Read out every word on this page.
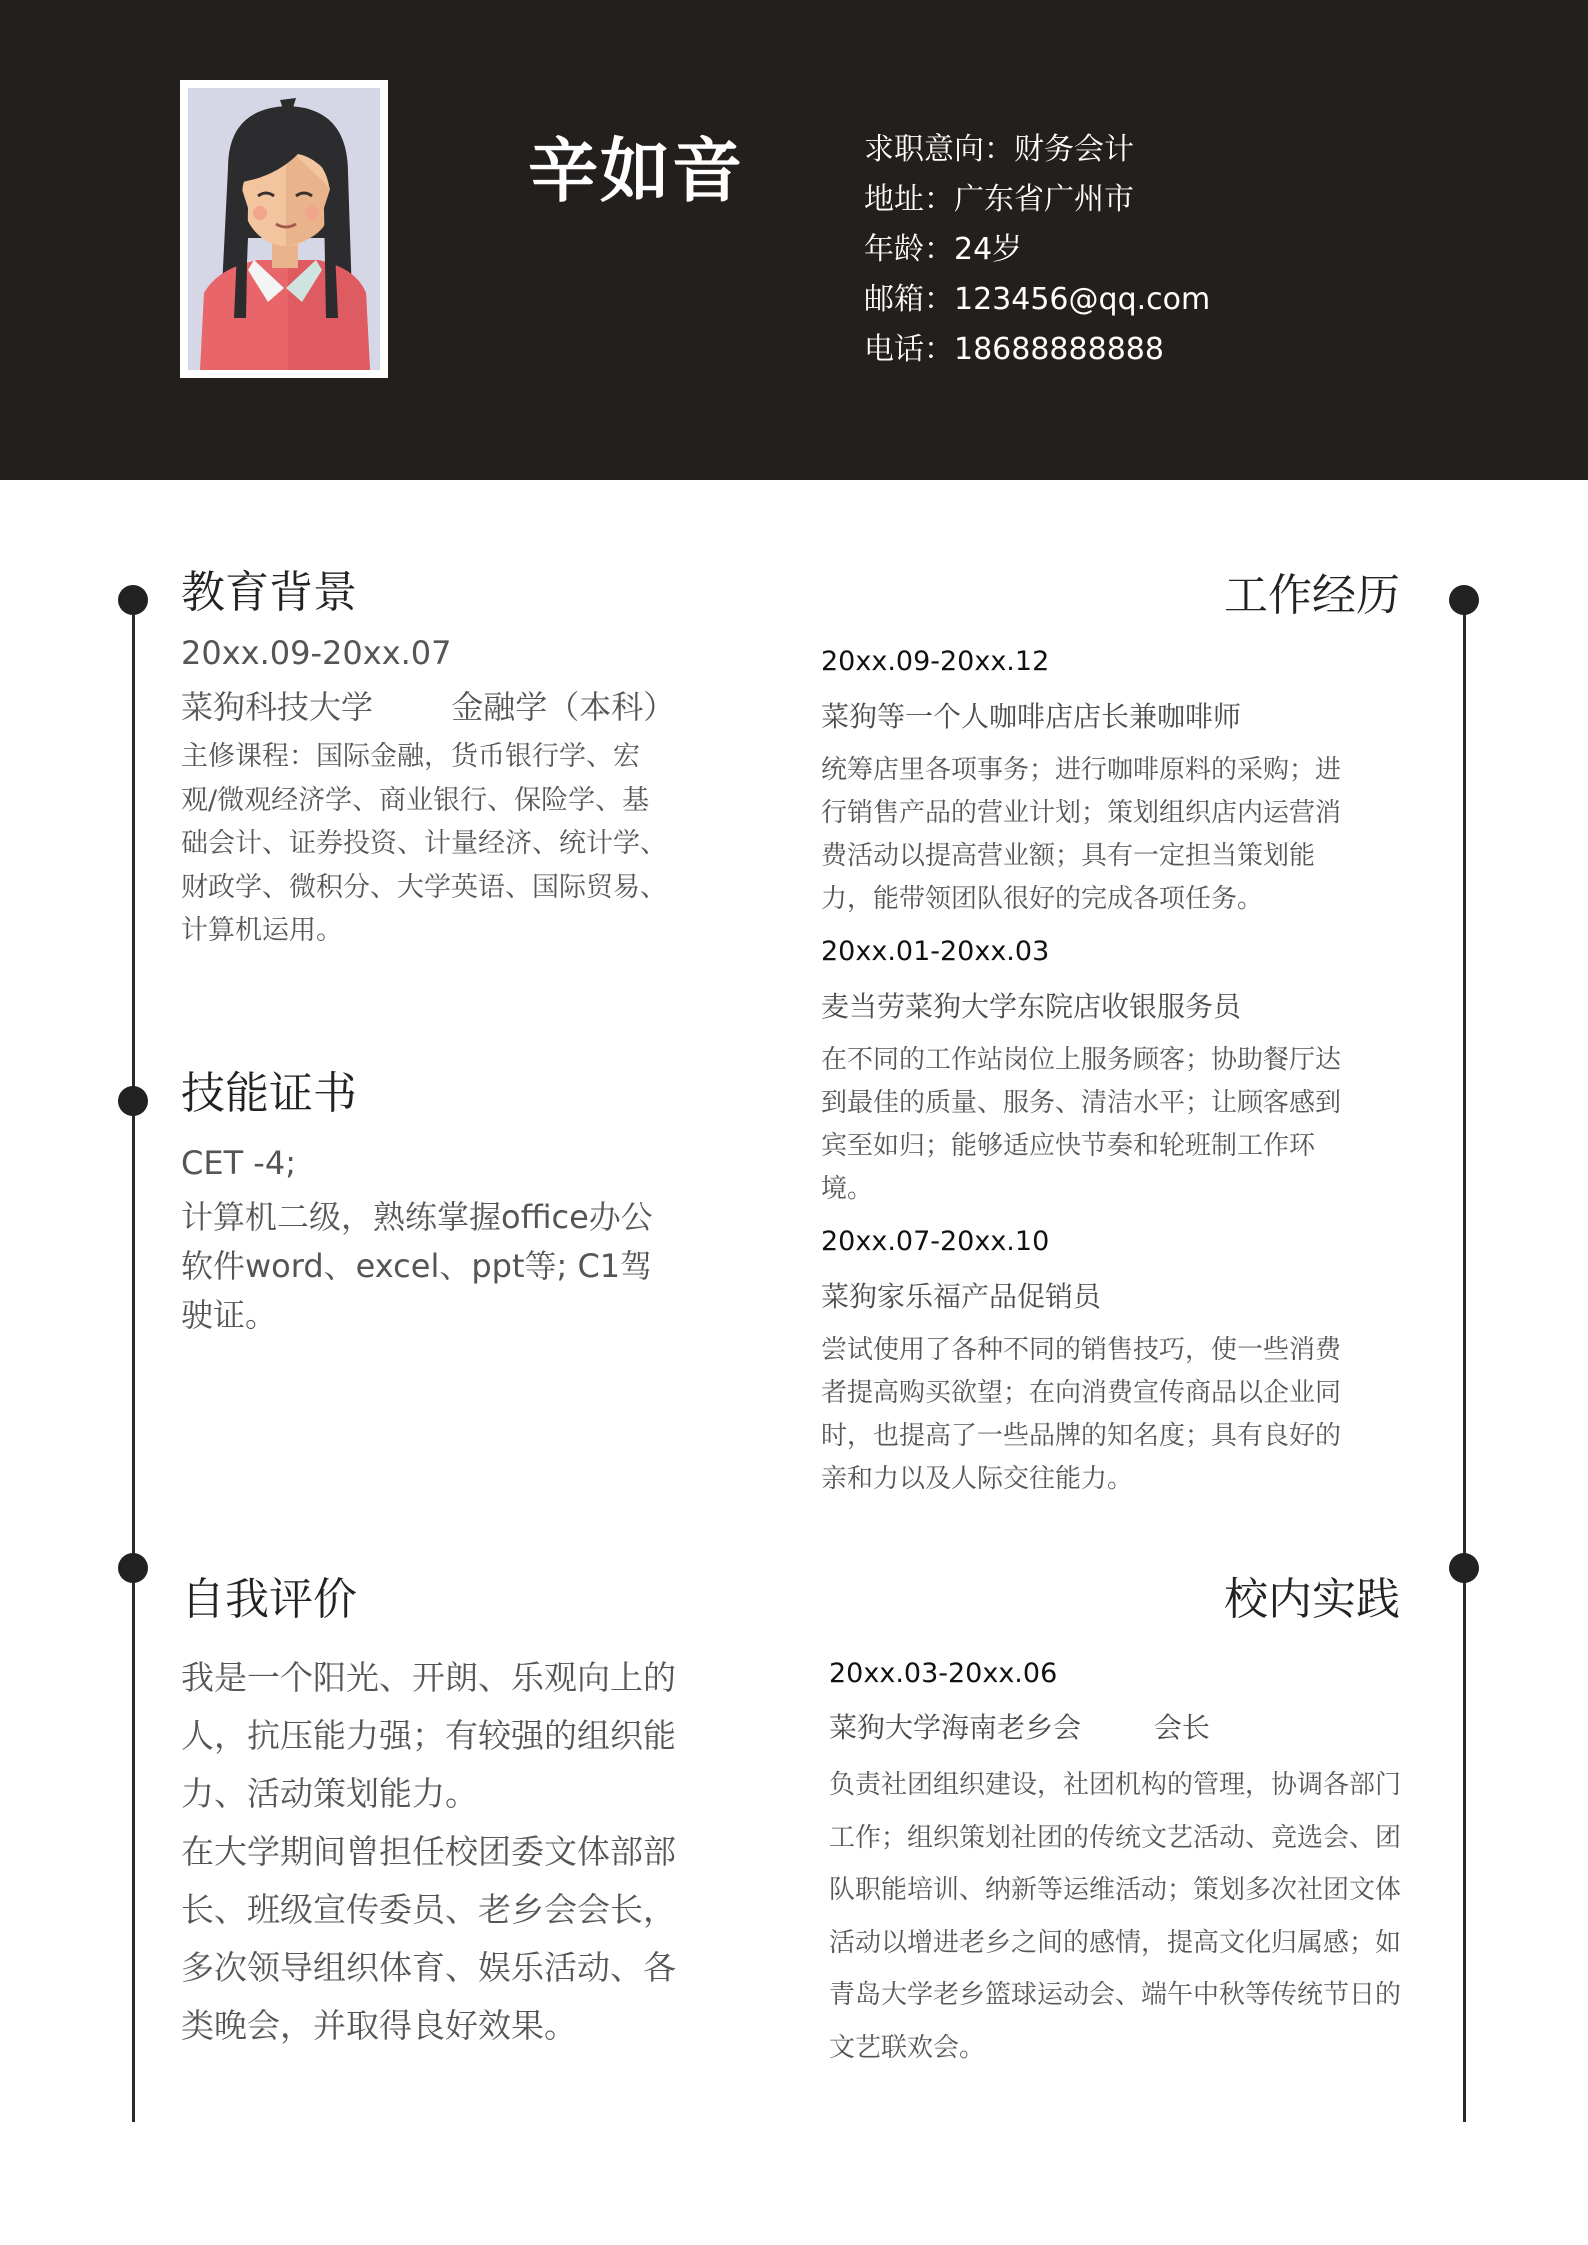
辛如音	求职意向：财务会计
地址：广东省广州市
年龄：24岁
邮箱：123456@qq.com
电话：18688888888
教育背景
20xx.09-20xx.07
菜狗科技大学 金融学（本科）
主修课程：国际金融，货币银行学、宏观/微观经济学、商业银行、保险学、基础会计、证券投资、计量经济、统计学、财政学、微积分、大学英语、国际贸易、计算机运用。
技能证书
CET -4;
计算机二级，熟练掌握office办公软件word、excel、ppt等; C1驾驶证。
自我评价
我是一个阳光、开朗、乐观向上的人，抗压能力强；有较强的组织能力、活动策划能力。
在大学期间曾担任校团委文体部部长、班级宣传委员、老乡会会长，多次领导组织体育、娱乐活动、各类晚会，并取得良好效果。
工作经历
20xx.09-20xx.12
菜狗等一个人咖啡店店长兼咖啡师
统筹店里各项事务；进行咖啡原料的采购；进行销售产品的营业计划；策划组织店内运营消费活动以提高营业额；具有一定担当策划能力，能带领团队很好的完成各项任务。
20xx.01-20xx.03
麦当劳菜狗大学东院店收银服务员
在不同的工作站岗位上服务顾客；协助餐厅达到最佳的质量、服务、清洁水平；让顾客感到宾至如归；能够适应快节奏和轮班制工作环境。
20xx.07-20xx.10
菜狗家乐福产品促销员
尝试使用了各种不同的销售技巧，使一些消费者提高购买欲望；在向消费宣传商品以企业同时，也提高了一些品牌的知名度；具有良好的亲和力以及人际交往能力。
校内实践
20xx.03-20xx.06
菜狗大学海南老乡会	会长
负责社团组织建设，社团机构的管理，协调各部门工作；组织策划社团的传统文艺活动、竞选会、团队职能培训、纳新等运维活动；策划多次社团文体活动以增进老乡之间的感情，提高文化归属感；如青岛大学老乡篮球运动会、端午中秋等传统节日的文艺联欢会。
